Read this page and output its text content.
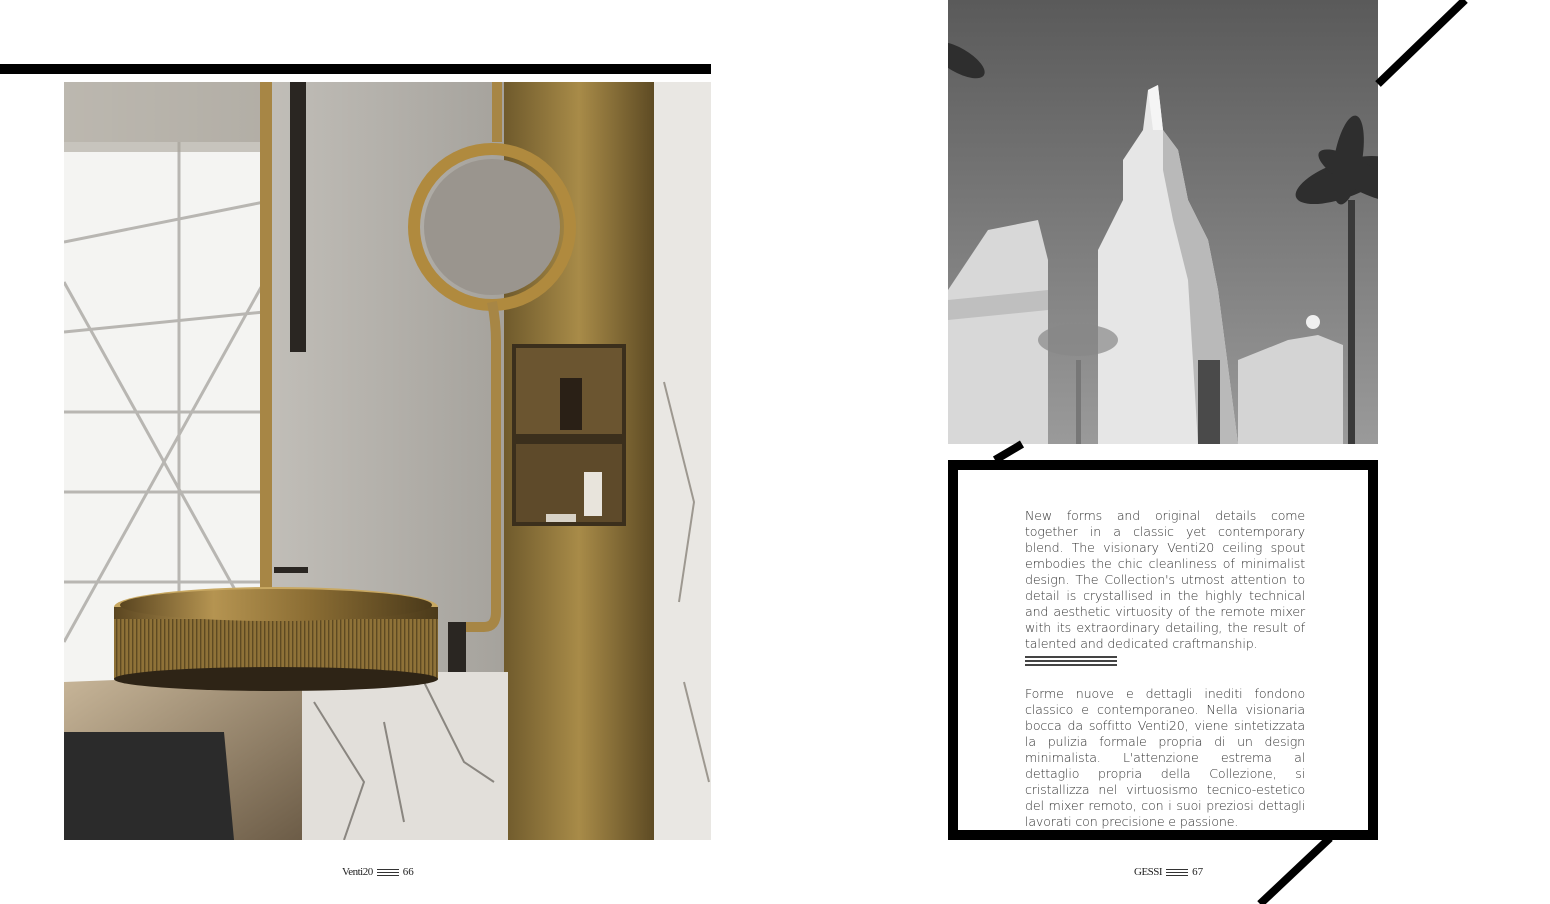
Venti20	66
New forms and original details come together in a classic yet contemporary blend. The visionary Venti20 ceiling spout embodies the chic cleanliness of minimalist design. The Collection's utmost attention to detail is crystallised in the highly technical and aesthetic virtuosity of the remote mixer with its extraordinary detailing, the result of talented and dedicated craftmanship.
Forme nuove e dettagli inediti fondono classico e contemporaneo. Nella visionaria bocca da soffitto Venti20, viene sintetizzata la pulizia formale propria di un design minimalista. L'attenzione estrema al dettaglio propria della Collezione, si cristallizza nel virtuosismo tecnico-estetico del mixer remoto, con i suoi preziosi dettagli lavorati con precisione e passione.
GESSI	67
